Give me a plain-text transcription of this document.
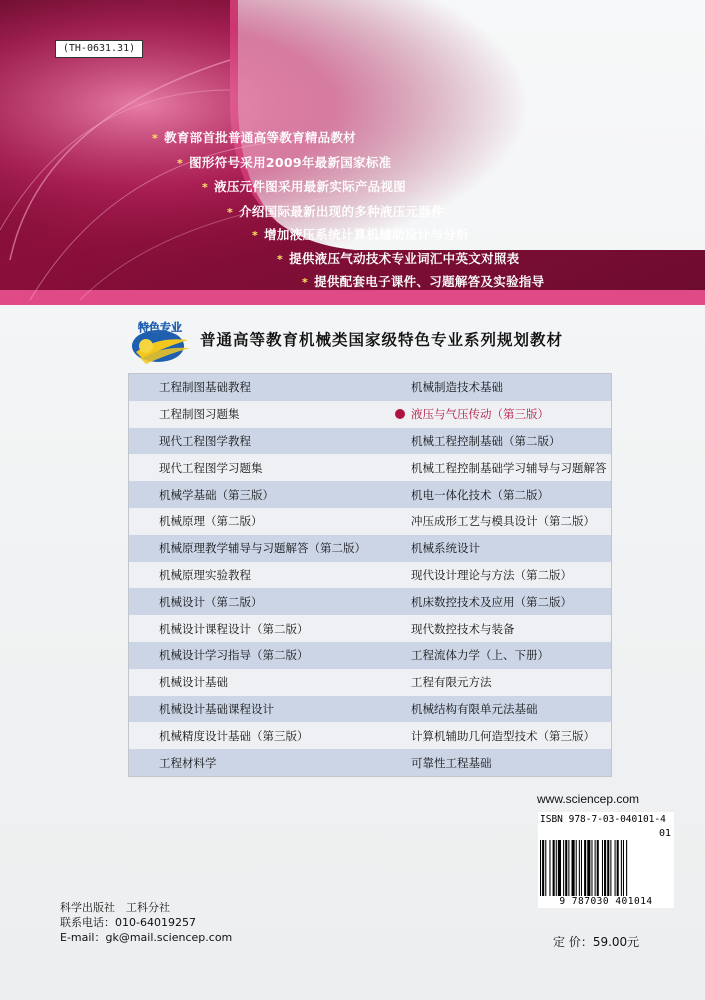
(TH-0631.31)
* 教育部首批普通高等教育精品教材
* 图形符号采用2009年最新国家标准
* 液压元件图采用最新实际产品视图
* 介绍国际最新出现的多种液压元器件
* 增加液压系统计算机辅助设计与分析
* 提供液压气动技术专业词汇中英文对照表
* 提供配套电子课件、习题解答及实验指导
特色专业
普通高等教育机械类国家级特色专业系列规划教材
工程制图基础教程	机械制造技术基础
工程制图习题集	液压与气压传动（第三版）
现代工程图学教程	机械工程控制基础（第二版）
现代工程图学习题集	机械工程控制基础学习辅导与习题解答
机械学基础（第三版）	机电一体化技术（第二版）
机械原理（第二版）	冲压成形工艺与模具设计（第二版）
机械原理教学辅导与习题解答（第二版）	机械系统设计
机械原理实验教程	现代设计理论与方法（第二版）
机械设计（第二版）	机床数控技术及应用（第二版）
机械设计课程设计（第二版）	现代数控技术与装备
机械设计学习指导（第二版）	工程流体力学（上、下册）
机械设计基础	工程有限元方法
机械设计基础课程设计	机械结构有限单元法基础
机械精度设计基础（第三版）	计算机辅助几何造型技术（第三版）
工程材料学	可靠性工程基础
www.sciencep.com
ISBN 978-7-03-040101-4
01
9 787030 401014
科学出版社　工科分社
联系电话：010-64019257
E-mail：gk@mail.sciencep.com	定 价：59.00元
